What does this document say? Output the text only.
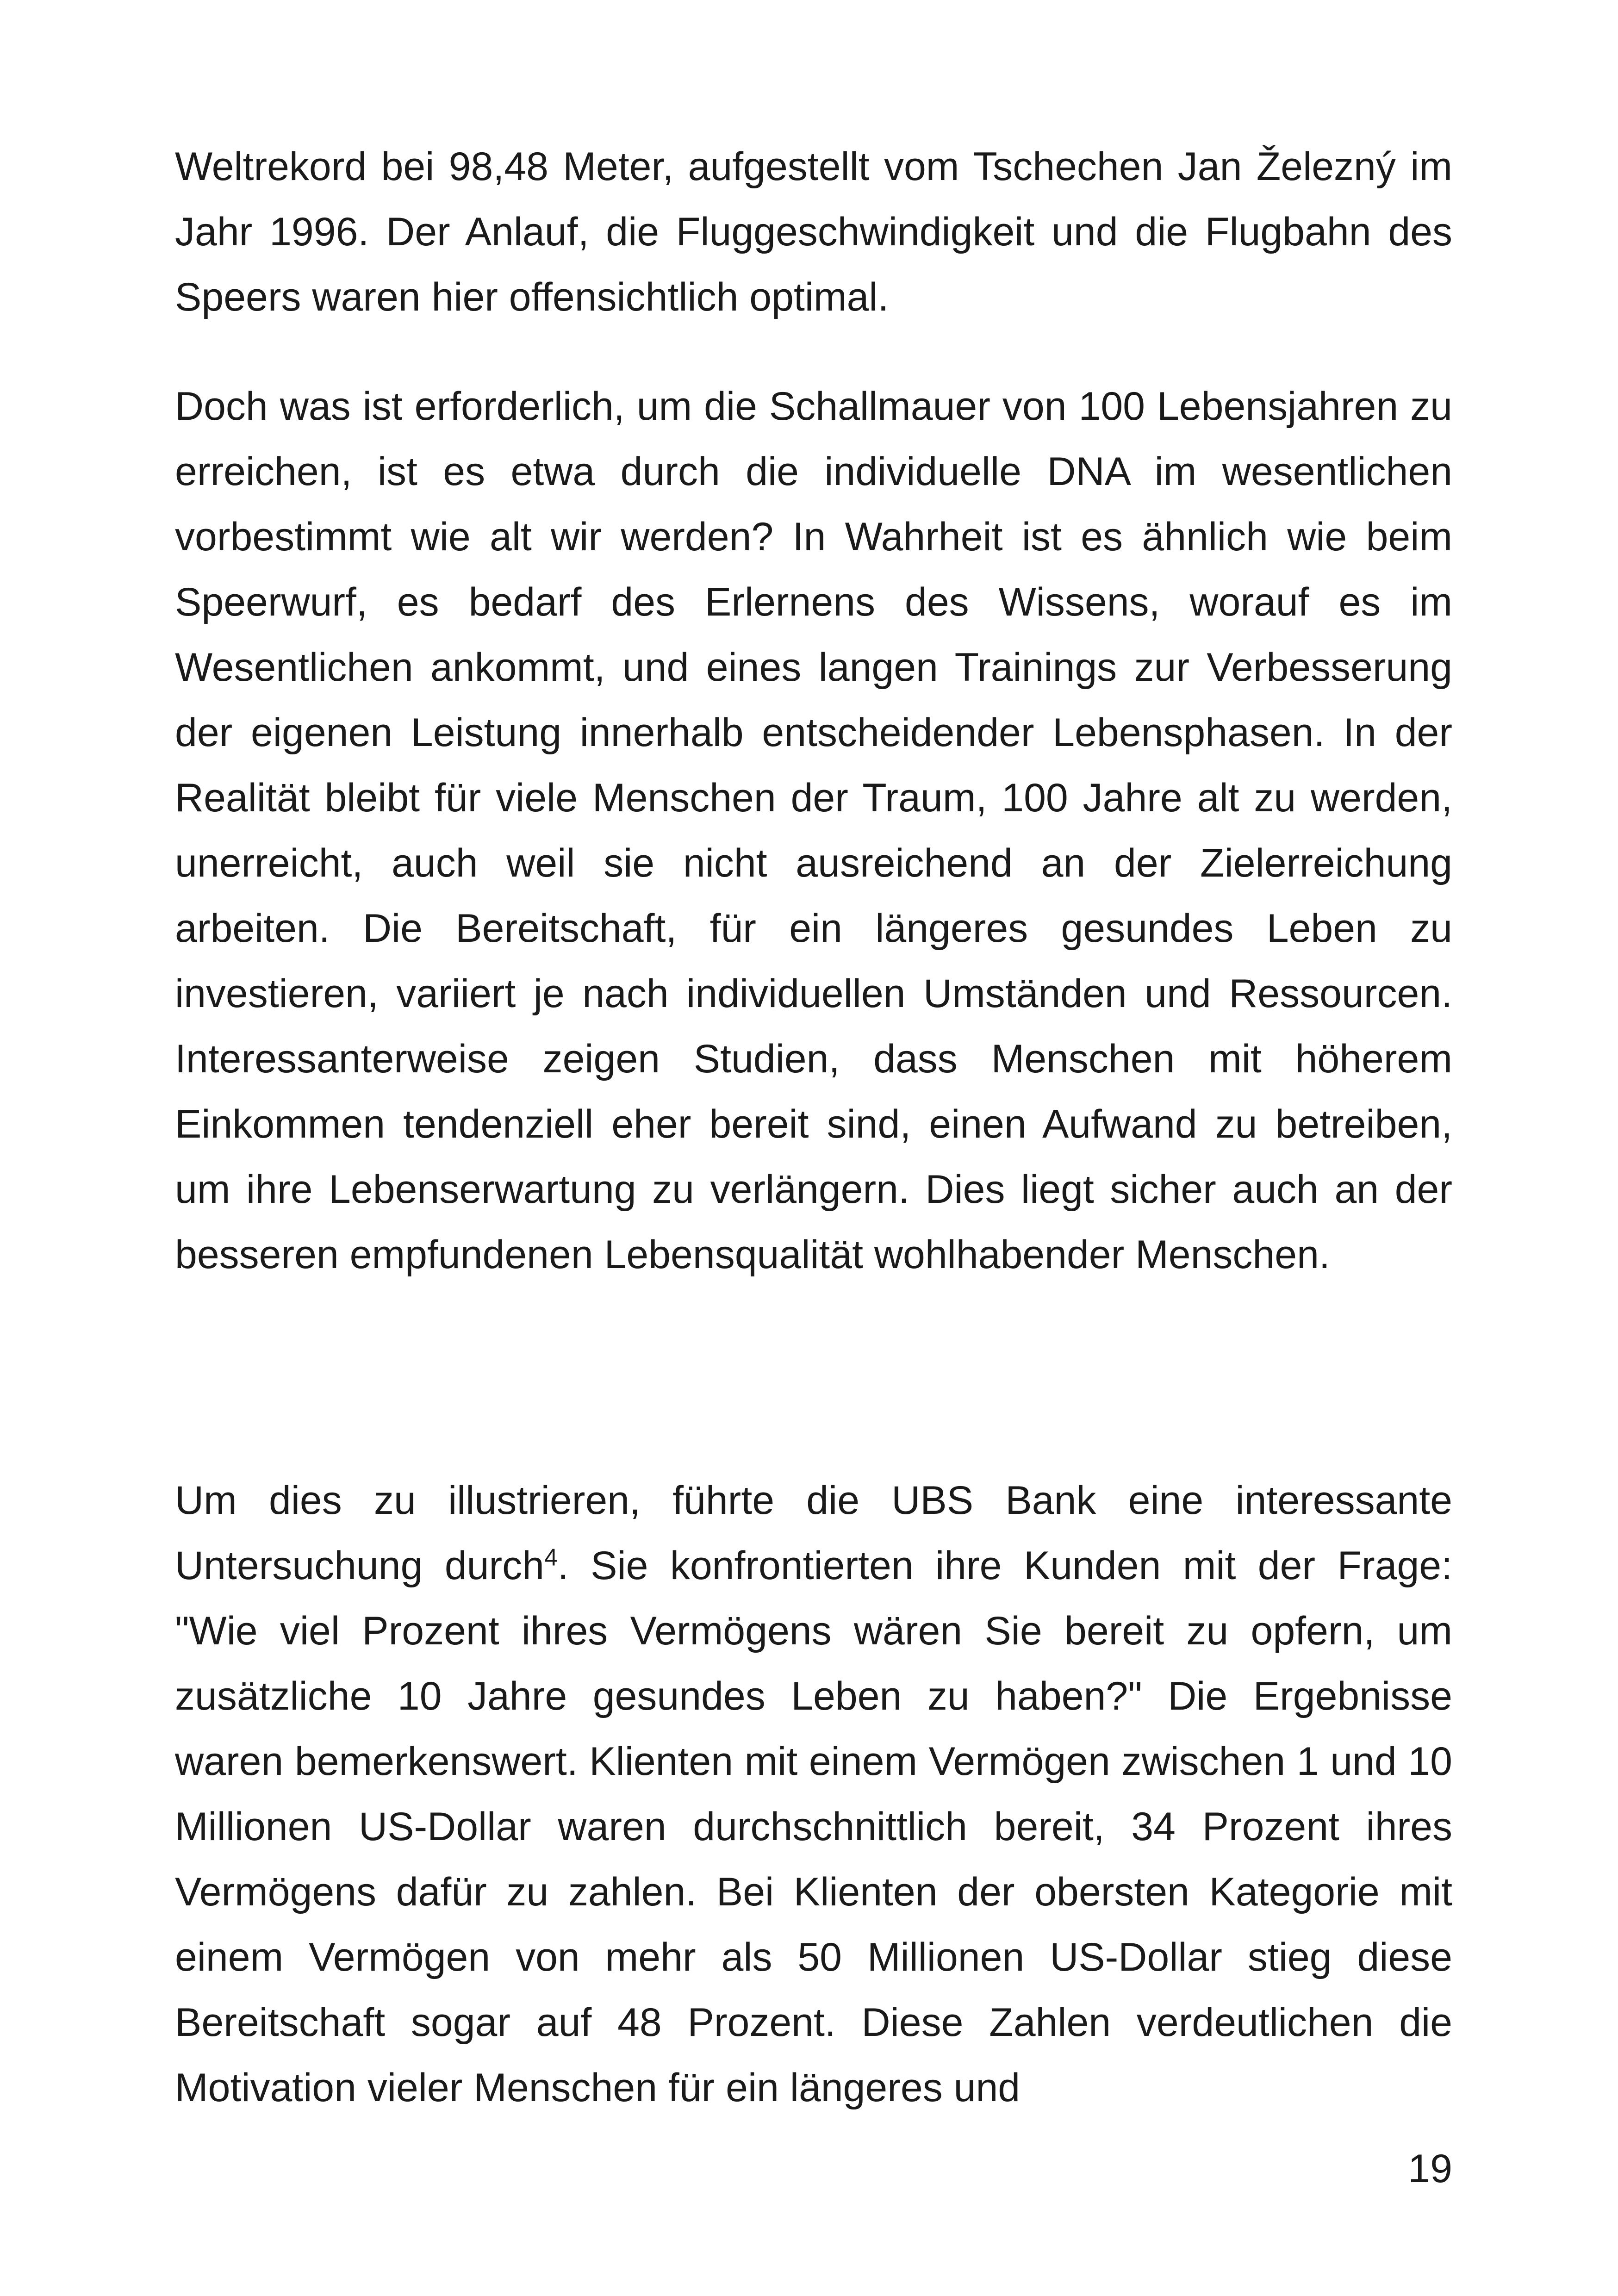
Weltrekord bei 98,48 Meter, aufgestellt vom Tschechen Jan Železný im Jahr 1996. Der Anlauf, die Fluggeschwindigkeit und die Flugbahn des Speers waren hier offensichtlich optimal.

Doch was ist erforderlich, um die Schallmauer von 100 Lebensjahren zu erreichen, ist es etwa durch die individuelle DNA im wesentlichen vorbestimmt wie alt wir werden? In Wahrheit ist es ähnlich wie beim Speerwurf, es bedarf des Erlernens des Wissens, worauf es im Wesentlichen ankommt, und eines langen Trainings zur Verbesserung der eigenen Leistung innerhalb entscheidender Lebensphasen. In der Realität bleibt für viele Menschen der Traum, 100 Jahre alt zu werden, unerreicht, auch weil sie nicht ausreichend an der Zielerreichung arbeiten. Die Bereitschaft, für ein längeres gesundes Leben zu investieren, variiert je nach individuellen Umständen und Ressourcen. Interessanterweise zeigen Studien, dass Menschen mit höherem Einkommen tendenziell eher bereit sind, einen Aufwand zu betreiben, um ihre Lebenserwartung zu verlängern. Dies liegt sicher auch an der besseren empfundenen Lebensqualität wohlhabender Menschen.

Um dies zu illustrieren, führte die UBS Bank eine interessante Untersuchung durch$^4$. Sie konfrontierten ihre Kunden mit der Frage: "Wie viel Prozent ihres Vermögens wären Sie bereit zu opfern, um zusätzliche 10 Jahre gesundes Leben zu haben?" Die Ergebnisse waren bemerkenswert. Klienten mit einem Vermögen zwischen 1 und 10 Millionen US-Dollar waren durchschnittlich bereit, 34 Prozent ihres Vermögens dafür zu zahlen. Bei Klienten der obersten Kategorie mit einem Vermögen von mehr als 50 Millionen US-Dollar stieg diese Bereitschaft sogar auf 48 Prozent. Diese Zahlen verdeutlichen die Motivation vieler Menschen für ein längeres und

19
